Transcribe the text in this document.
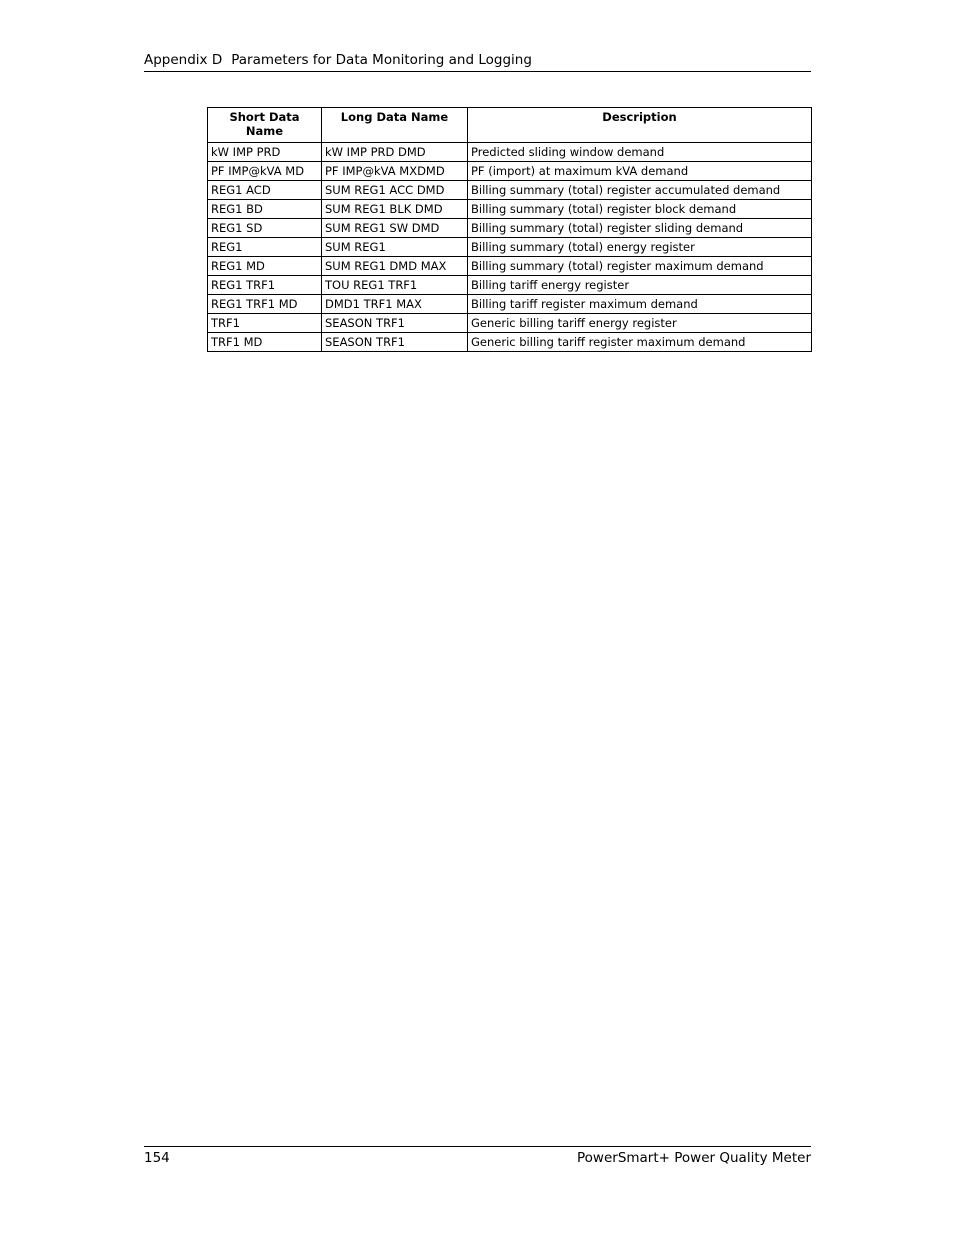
Appendix D Parameters for Data Monitoring and Logging
Short Data Name	Long Data Name	Description
kW IMP PRD	kW IMP PRD DMD	Predicted sliding window demand
PF IMP@kVA MD	PF IMP@kVA MXDMD	PF (import) at maximum kVA demand
REG1 ACD	SUM REG1 ACC DMD	Billing summary (total) register accumulated demand
REG1 BD	SUM REG1 BLK DMD	Billing summary (total) register block demand
REG1 SD	SUM REG1 SW DMD	Billing summary (total) register sliding demand
REG1	SUM REG1	Billing summary (total) energy register
REG1 MD	SUM REG1 DMD MAX	Billing summary (total) register maximum demand
REG1 TRF1	TOU REG1 TRF1	Billing tariff energy register
REG1 TRF1 MD	DMD1 TRF1 MAX	Billing tariff register maximum demand
TRF1	SEASON TRF1	Generic billing tariff energy register
TRF1 MD	SEASON TRF1	Generic billing tariff register maximum demand
154	PowerSmart+ Power Quality Meter
